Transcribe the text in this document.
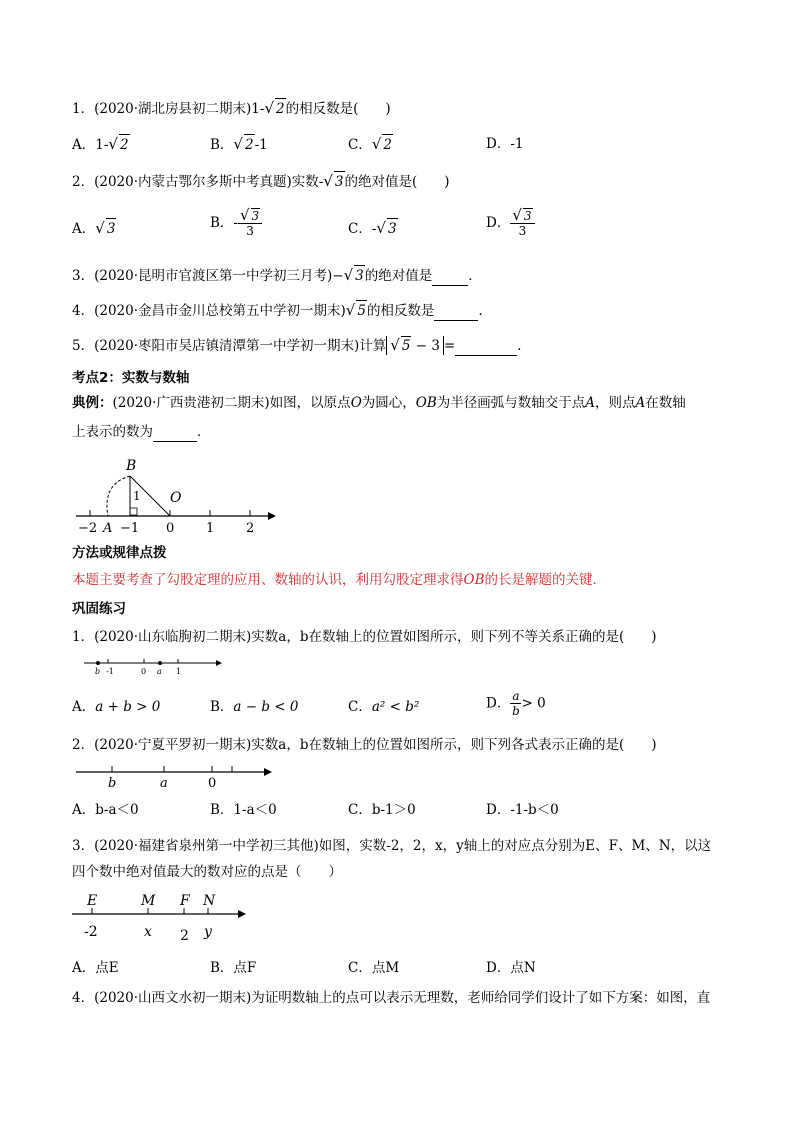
1．(2020·湖北房县初二期末)1-√ 2的相反数是(　　)
A．1-√ 2	B．√ 2-1	C．√ 2	D．-1
2．(2020·内蒙古鄂尔多斯中考真题)实数-√ 3的绝对值是(　　)
A．√ 3	B．- $\frac{√ 3}{3}$	C．-√ 3	D． $\frac{√ 3}{3}$
3．(2020·昆明市官渡区第一中学初三月考)−√ 3的绝对值是	．
4．(2020·金昌市金川总校第五中学初一期末)√ 5的相反数是	．
5．(2020·枣阳市吴店镇清潭第一中学初一期末)计算 √ 5 − 3 =	．
考点2：实数与数轴
典例：(2020·广西贵港初二期末)如图，以原点O为圆心，OB为半径画弧与数轴交于点A，则点A在数轴
上表示的数为	．
B
1 O
−2 A −1 0 1 2
方法或规律点拨
本题主要考查了勾股定理的应用、数轴的认识，利用勾股定理求得OB的长是解题的关键．
巩固练习
1．(2020·山东临朐初二期末)实数a，b在数轴上的位置如图所示，则下列不等关系正确的是(　　)
b -1	0 a 1
A．a + b > 0	B．a − b < 0	C．a² < b²	D． $\frac{a}{b} > 0$
2．(2020·宁夏平罗初一期末)实数a，b在数轴上的位置如图所示，则下列各式表示正确的是(　　)
b	a	0
A．b-a＜0	B．1-a＜0	C．b-1＞0	D．-1-b＜0
3．(2020·福建省泉州第一中学初三其他)如图，实数-2，2，x，y轴上的对应点分别为E、F、M、N，以这
四个数中绝对值最大的数对应的点是（　　）
E	M F N
-2	x 2 y
A．点E	B．点F	C．点M	D．点N
4．(2020·山西文水初一期末)为证明数轴上的点可以表示无理数，老师给同学们设计了如下方案：如图，直
